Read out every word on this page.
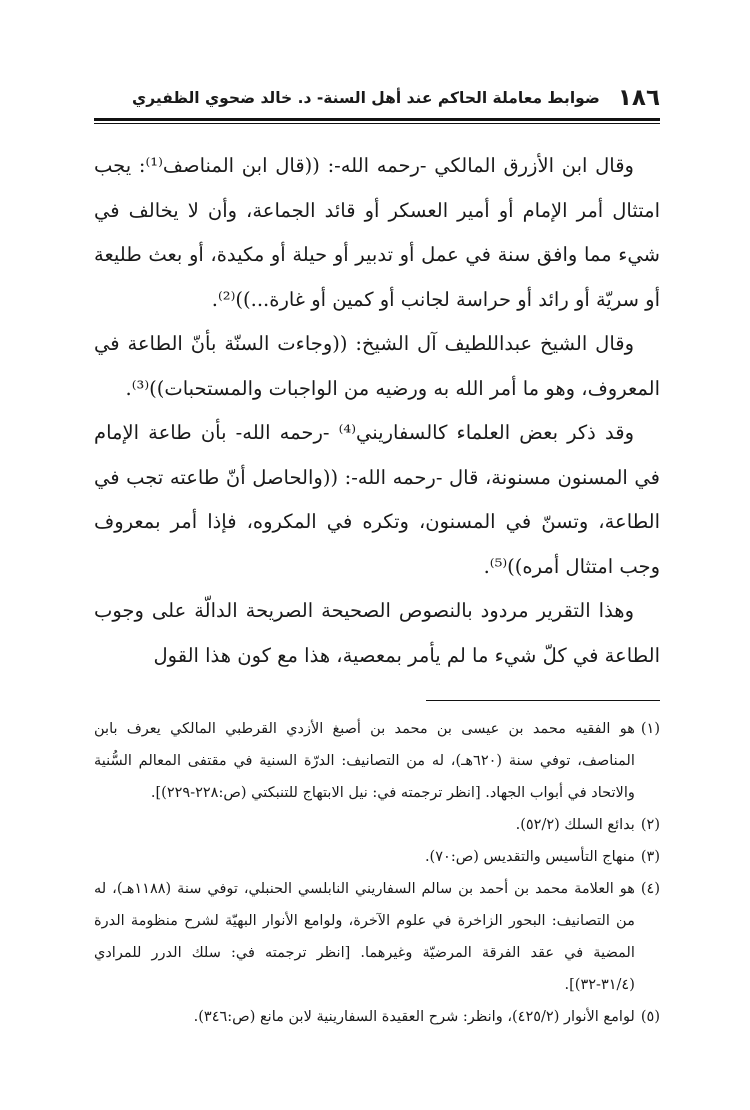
١٨٦
ضوابط معاملة الحاكم عند أهل السنة- د. خالد ضحوي الظفيري

وقال ابن الأزرق المالكي -رحمه الله-: ((قال ابن المناصف⁽¹⁾: يجب امتثال أمر الإمام أو أمير العسكر أو قائد الجماعة، وأن لا يخالف في شيء مما وافق سنة في عمل أو تدبير أو حيلة أو مكيدة، أو بعث طليعة أو سريّة أو رائد أو حراسة لجانب أو كمين أو غارة...))⁽²⁾.

وقال الشيخ عبداللطيف آل الشيخ: ((وجاءت السنّة بأنّ الطاعة في المعروف، وهو ما أمر الله به ورضيه من الواجبات والمستحبات))⁽³⁾.

وقد ذكر بعض العلماء كالسفاريني⁽⁴⁾ -رحمه الله- بأن طاعة الإمام في المسنون مسنونة، قال -رحمه الله-: ((والحاصل أنّ طاعته تجب في الطاعة، وتسنّ في المسنون، وتكره في المكروه، فإذا أمر بمعروف وجب امتثال أمره))⁽⁵⁾.

وهذا التقرير مردود بالنصوص الصحيحة الصريحة الدالّة على وجوب الطاعة في كلّ شيء ما لم يأمر بمعصية، هذا مع كون هذا القول

(١)
هو الفقيه محمد بن عيسى بن محمد بن أصبغ الأزدي القرطبي المالكي يعرف بابن المناصف، توفي سنة (٦٢٠هـ)، له من التصانيف: الدرّة السنية في مقتفى المعالم السُّنية والاتحاد في أبواب الجهاد. [انظر ترجمته في: نيل الابتهاج للتنبكتي (ص:٢٢٨-٢٢٩)].
(٢)
بدائع السلك (٥٢/٢).
(٣)
منهاج التأسيس والتقديس (ص:٧٠).
(٤)
هو العلامة محمد بن أحمد بن سالم السفاريني النابلسي الحنبلي، توفي سنة (١١٨٨هـ)، له من التصانيف: البحور الزاخرة في علوم الآخرة، ولوامع الأنوار البهيّة لشرح منظومة الدرة المضية في عقد الفرقة المرضيّة وغيرهما. [انظر ترجمته في: سلك الدرر للمرادي (٣١/٤-٣٢)].
(٥)
لوامع الأنوار (٤٢٥/٢)، وانظر: شرح العقيدة السفارينية لابن مانع (ص:٣٤٦).
